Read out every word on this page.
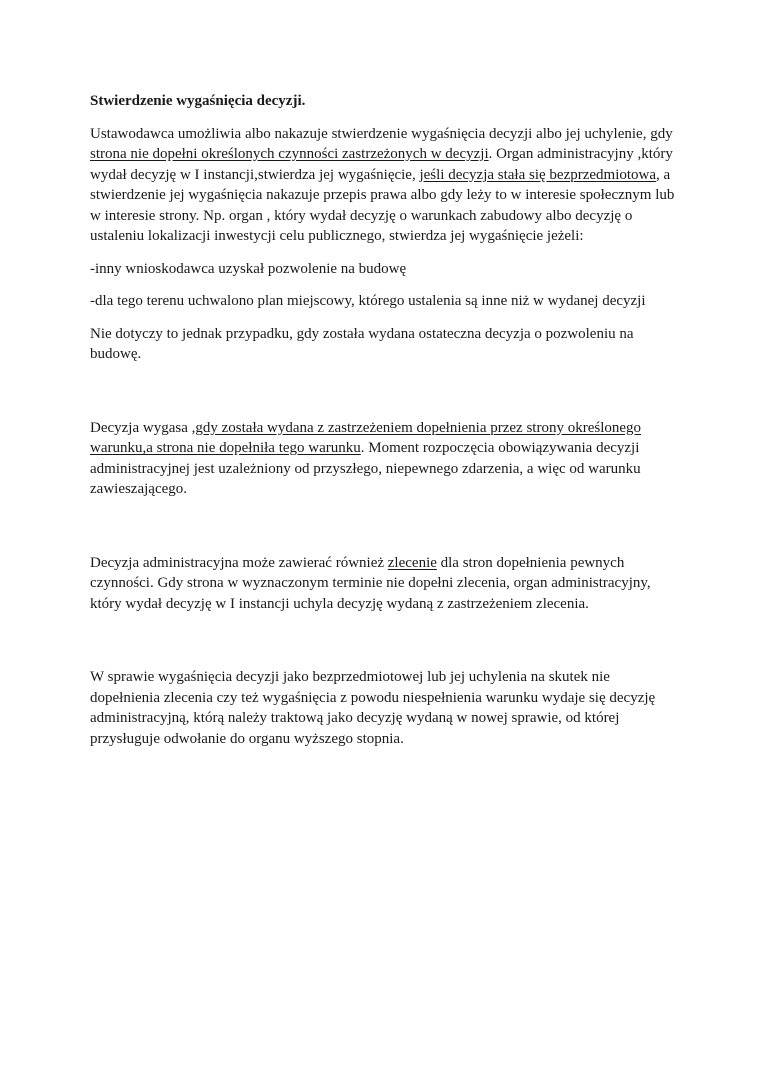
Stwierdzenie wygaśnięcia decyzji.

Ustawodawca umożliwia albo nakazuje stwierdzenie wygaśnięcia decyzji albo jej uchylenie, gdy strona nie dopełni określonych czynności zastrzeżonych w decyzji. Organ administracyjny ,który wydał decyzję w I instancji,stwierdza jej wygaśnięcie, jeśli decyzja stała się bezprzedmiotowa, a stwierdzenie jej wygaśnięcia nakazuje przepis prawa albo gdy leży to w interesie społecznym lub w interesie strony. Np. organ , który wydał decyzję o warunkach zabudowy albo decyzję o ustaleniu lokalizacji inwestycji celu publicznego, stwierdza jej wygaśnięcie jeżeli:

-inny wnioskodawca uzyskał pozwolenie na budowę

-dla tego terenu uchwalono plan miejscowy, którego ustalenia są inne niż w wydanej decyzji

Nie dotyczy to jednak przypadku, gdy została wydana ostateczna decyzja o pozwoleniu na budowę.

Decyzja wygasa ,gdy została wydana z zastrzeżeniem dopełnienia przez strony określonego warunku,a strona nie dopełniła tego warunku. Moment rozpoczęcia obowiązywania decyzji administracyjnej jest uzależniony od przyszłego, niepewnego zdarzenia, a więc od warunku zawieszającego.

Decyzja administracyjna może zawierać również zlecenie dla stron dopełnienia pewnych czynności. Gdy strona w wyznaczonym terminie nie dopełni zlecenia, organ administracyjny, który wydał decyzję w I instancji uchyla decyzję wydaną z zastrzeżeniem zlecenia.

W sprawie wygaśnięcia decyzji jako bezprzedmiotowej lub jej uchylenia na skutek nie dopełnienia zlecenia czy też wygaśnięcia z powodu niespełnienia warunku wydaje się decyzję administracyjną, którą należy traktową jako decyzję wydaną w nowej sprawie, od której przysługuje odwołanie do organu wyższego stopnia.
